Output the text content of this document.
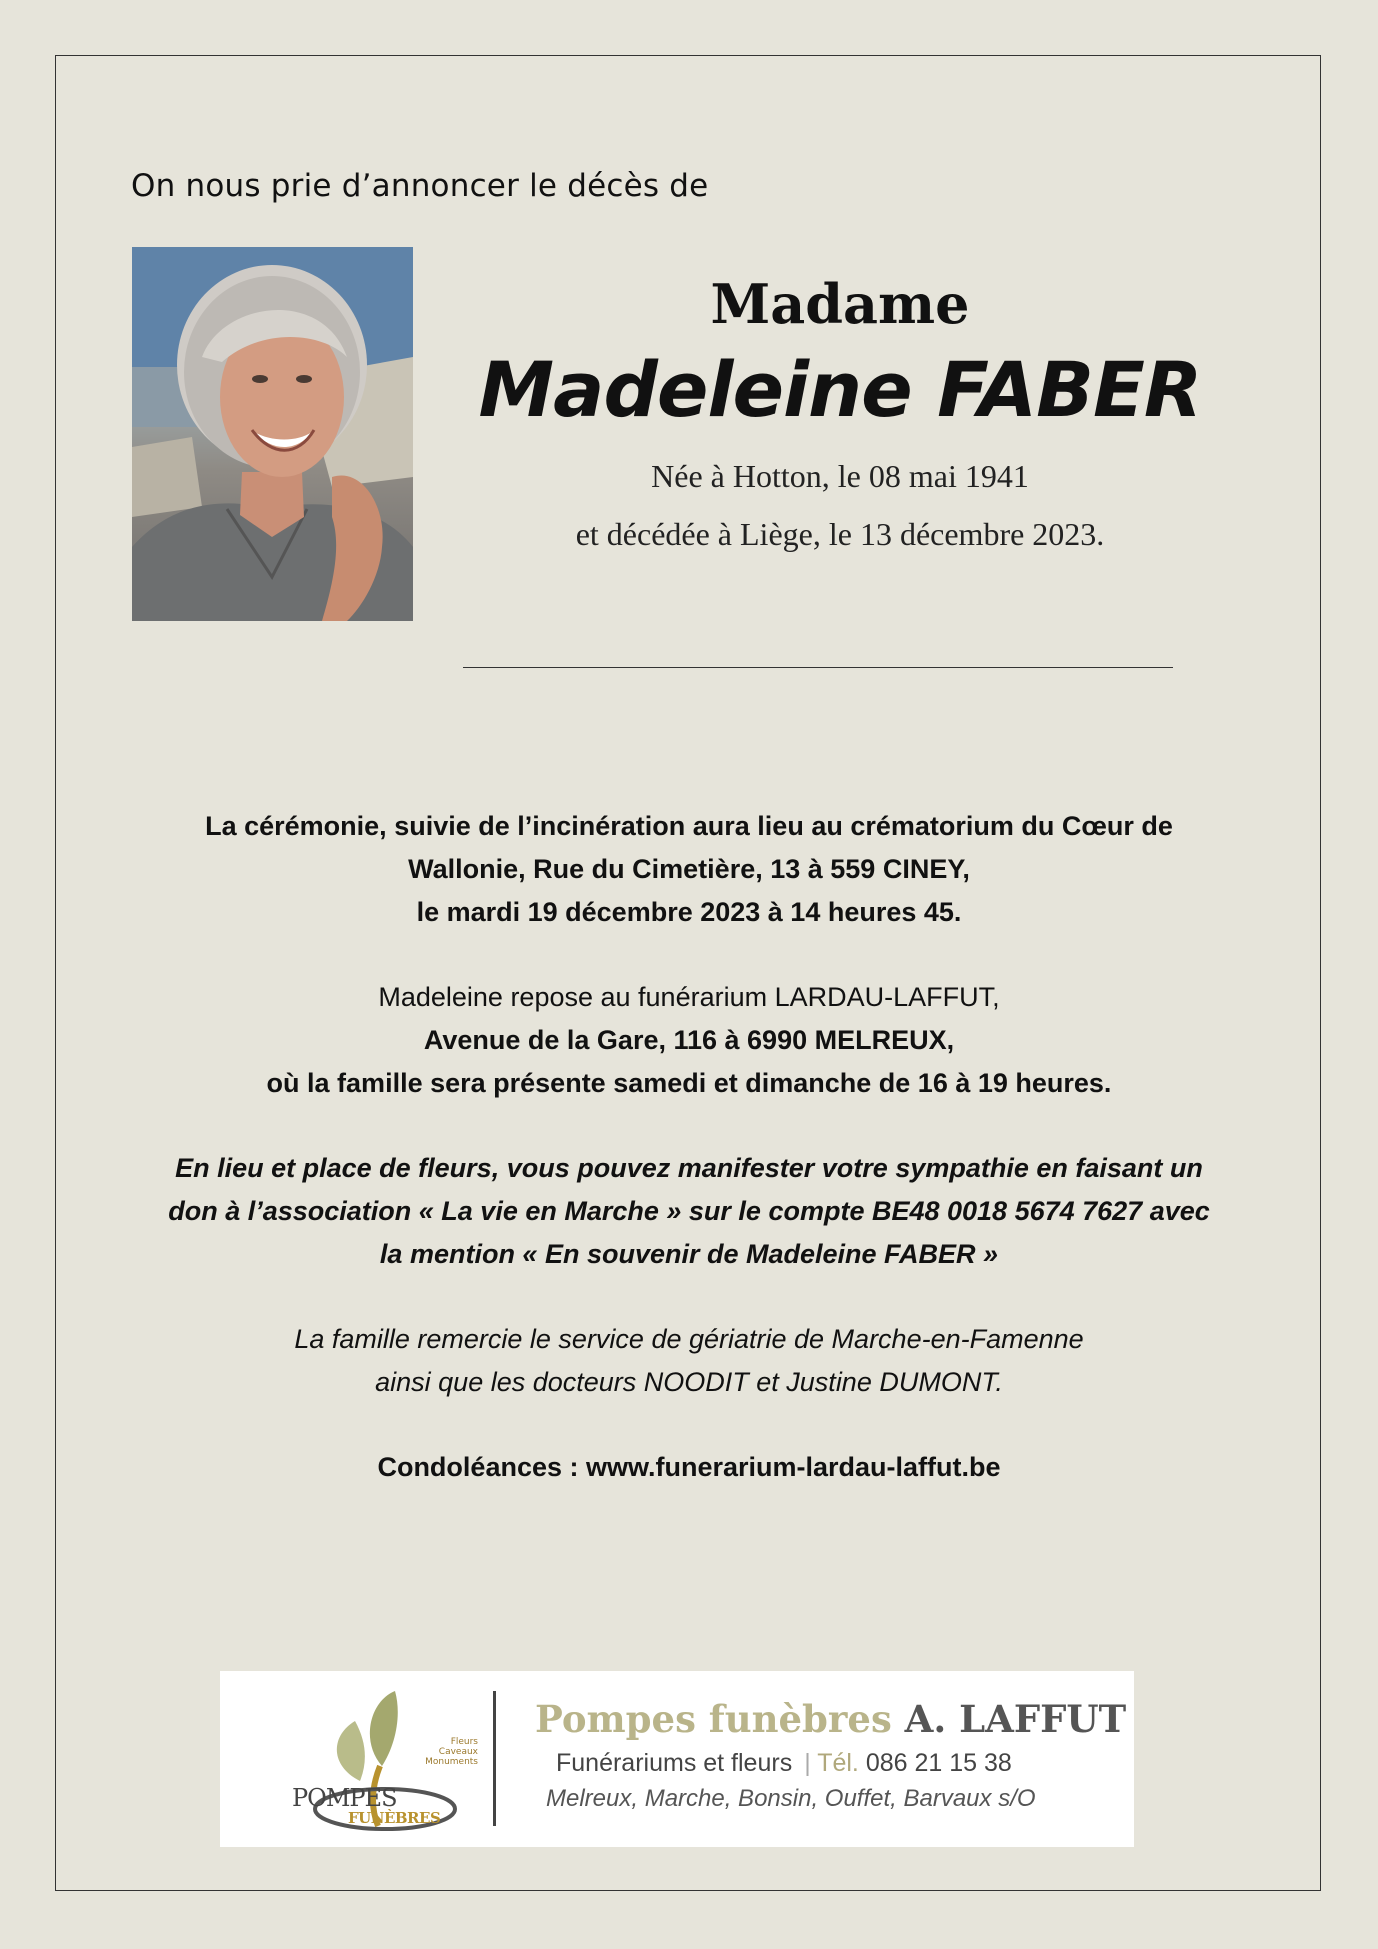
On nous prie d’annoncer le décès de
Madame
Madeleine FABER
Née à Hotton, le 08 mai 1941
et décédée à Liège, le 13 décembre 2023.
La cérémonie, suivie de l’incinération aura lieu au crématorium du Cœur de
Wallonie, Rue du Cimetière, 13 à 559 CINEY,
le mardi 19 décembre 2023 à 14 heures 45.
Madeleine repose au funérarium LARDAU-LAFFUT,
Avenue de la Gare, 116 à 6990 MELREUX,
où la famille sera présente samedi et dimanche de 16 à 19 heures.
En lieu et place de fleurs, vous pouvez manifester votre sympathie en faisant un
don à l’association « La vie en Marche » sur le compte BE48 0018 5674 7627 avec
la mention « En souvenir de Madeleine FABER »
La famille remercie le service de gériatrie de Marche-en-Famenne
ainsi que les docteurs NOODIT et Justine DUMONT.
Condoléances : www.funerarium-lardau-laffut.be
Fleurs
Caveaux
Monuments
POMPES
FUNÈBRES
Pompes funèbres A. LAFFUT
Funérariums et fleurs | Tél. 086 21 15 38
Melreux, Marche, Bonsin, Ouffet, Barvaux s/O
